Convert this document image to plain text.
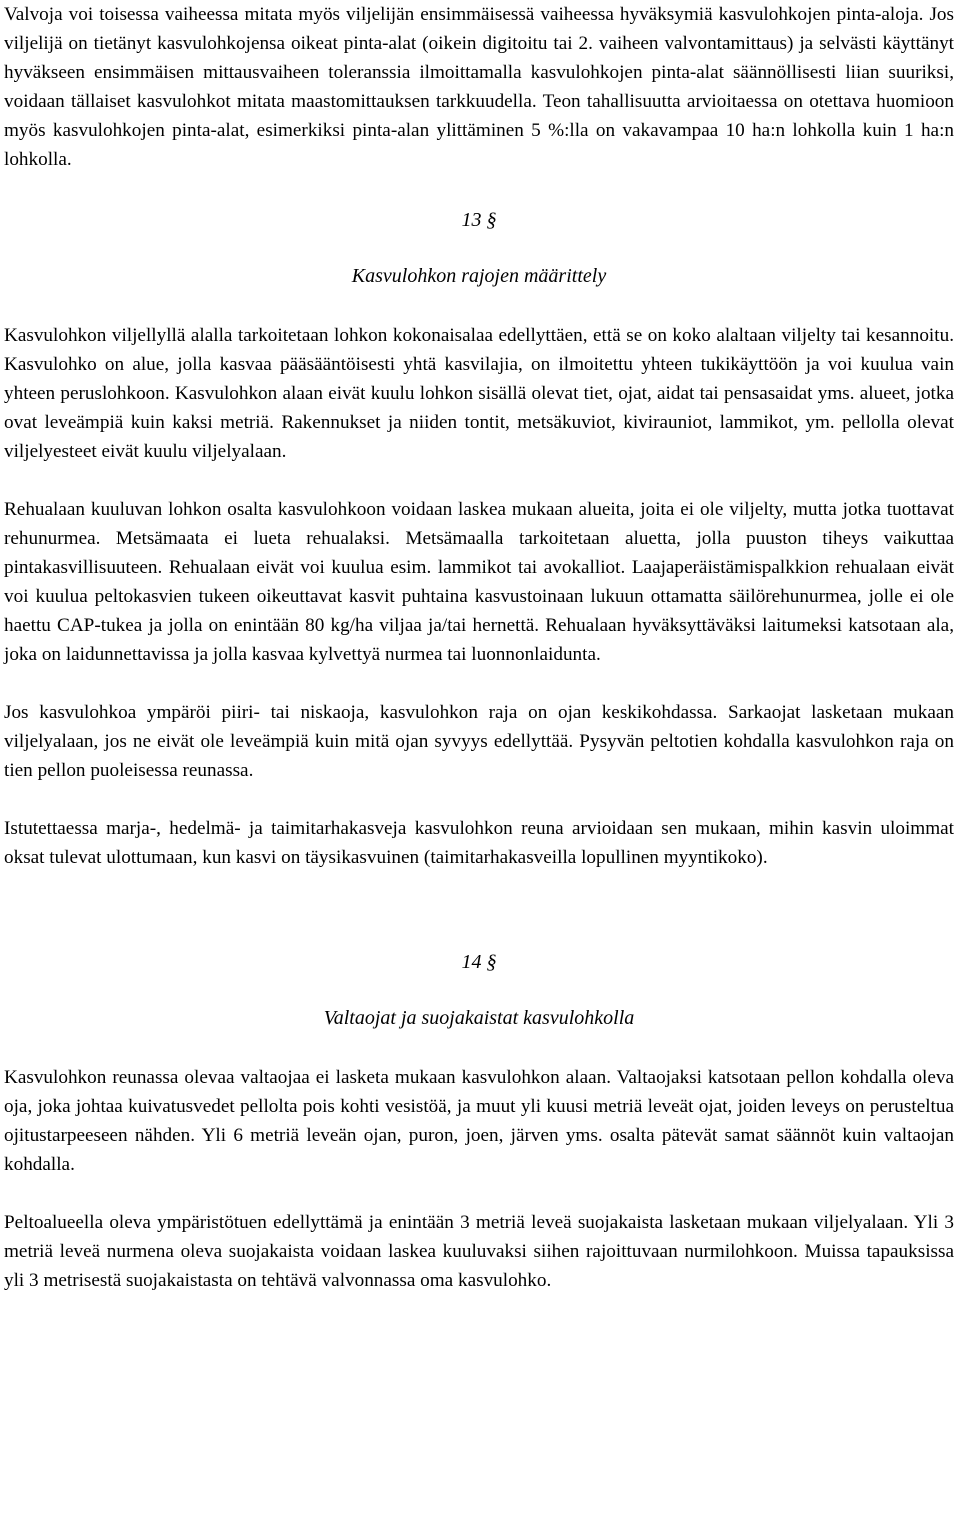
Valvoja voi toisessa vaiheessa mitata myös viljelijän ensimmäisessä vaiheessa hyväksymiä kasvulohkojen pinta-aloja. Jos viljelijä on tietänyt kasvulohkojensa oikeat pinta-alat (oikein digitoitu tai 2. vaiheen valvontamittaus) ja selvästi käyttänyt hyväkseen ensimmäisen mittausvaiheen toleranssia ilmoittamalla kasvulohkojen pinta-alat säännöllisesti liian suuriksi, voidaan tällaiset kasvulohkot mitata maastomittauksen tarkkuudella. Teon tahallisuutta arvioitaessa on otettava huomioon myös kasvulohkojen pinta-alat, esimerkiksi pinta-alan ylittäminen 5 %:lla on vakavampaa 10 ha:n lohkolla kuin 1 ha:n lohkolla.

13 §

Kasvulohkon rajojen määrittely

Kasvulohkon viljellyllä alalla tarkoitetaan lohkon kokonaisalaa edellyttäen, että se on koko alaltaan viljelty tai kesannoitu. Kasvulohko on alue, jolla kasvaa pääsääntöisesti yhtä kasvilajia, on ilmoitettu yhteen tukikäyttöön ja voi kuulua vain yhteen peruslohkoon. Kasvulohkon alaan eivät kuulu lohkon sisällä olevat tiet, ojat, aidat tai pensasaidat yms. alueet, jotka ovat leveämpiä kuin kaksi metriä. Rakennukset ja niiden tontit, metsäkuviot, kivirauniot, lammikot, ym. pellolla olevat viljelyesteet eivät kuulu viljelyalaan.

Rehualaan kuuluvan lohkon osalta kasvulohkoon voidaan laskea mukaan alueita, joita ei ole viljelty, mutta jotka tuottavat rehunurmea. Metsämaata ei lueta rehualaksi. Metsämaalla tarkoitetaan aluetta, jolla puuston tiheys vaikuttaa pintakasvillisuuteen. Rehualaan eivät voi kuulua esim. lammikot tai avokalliot. Laajaperäistämispalkkion rehualaan eivät voi kuulua peltokasvien tukeen oikeuttavat kasvit puhtaina kasvustoinaan lukuun ottamatta säilörehunurmea, jolle ei ole haettu CAP-tukea ja jolla on enintään 80 kg/ha viljaa ja/tai hernettä. Rehualaan hyväksyttäväksi laitumeksi katsotaan ala, joka on laidunnettavissa ja jolla kasvaa kylvettyä nurmea tai luonnonlaidunta.

Jos kasvulohkoa ympäröi piiri- tai niskaoja, kasvulohkon raja on ojan keskikohdassa. Sarkaojat lasketaan mukaan viljelyalaan, jos ne eivät ole leveämpiä kuin mitä ojan syvyys edellyttää. Pysyvän peltotien kohdalla kasvulohkon raja on tien pellon puoleisessa reunassa.

Istutettaessa marja-, hedelmä- ja taimitarhakasveja kasvulohkon reuna arvioidaan sen mukaan, mihin kasvin uloimmat oksat tulevat ulottumaan, kun kasvi on täysikasvuinen (taimitarhakasveilla lopullinen myyntikoko).

14 §

Valtaojat ja suojakaistat kasvulohkolla

Kasvulohkon reunassa olevaa valtaojaa ei lasketa mukaan kasvulohkon alaan. Valtaojaksi katsotaan pellon kohdalla oleva oja, joka johtaa kuivatusvedet pellolta pois kohti vesistöä, ja muut yli kuusi metriä leveät ojat, joiden leveys on perusteltua ojitustarpeeseen nähden. Yli 6 metriä leveän ojan, puron, joen, järven yms. osalta pätevät samat säännöt kuin valtaojan kohdalla.

Peltoalueella oleva ympäristötuen edellyttämä ja enintään 3 metriä leveä suojakaista lasketaan mukaan viljelyalaan. Yli 3 metriä leveä nurmena oleva suojakaista voidaan laskea kuuluvaksi siihen rajoittuvaan nurmilohkoon. Muissa tapauksissa yli 3 metrisestä suojakaistasta on tehtävä valvonnassa oma kasvulohko.
